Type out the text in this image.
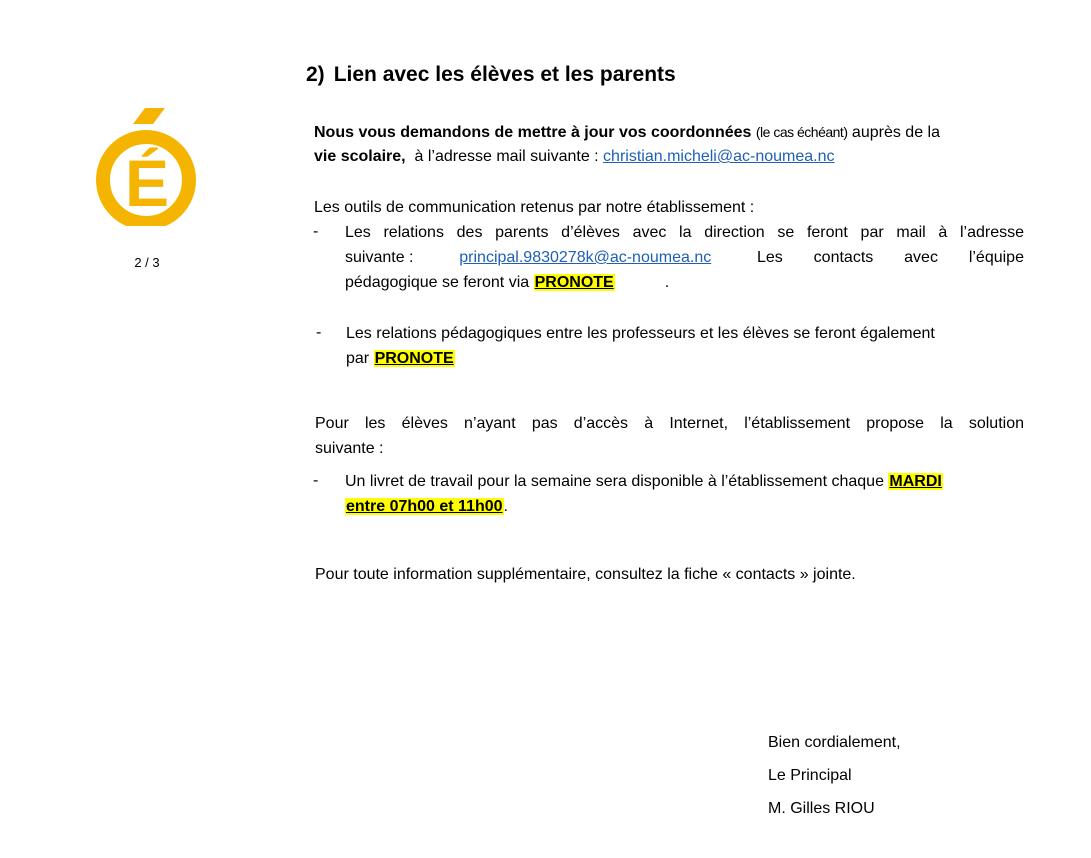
É
2 / 3
2) Lien avec les élèves et les parents
Nous vous demandons de mettre à jour vos coordonnées (le cas échéant) auprès de la
vie scolaire,  à l’adresse mail suivante : christian.micheli@ac-noumea.nc
Les outils de communication retenus par notre établissement :
- Les relations des parents d’élèves avec la direction se feront par mail à l’adresse
suivante :	principal.9830278k@ac-noumea.nc	Les contacts avec l’équipe
pédagogique se feront via PRONOTE	.
- Les relations pédagogiques entre les professeurs et les élèves se feront également
par PRONOTE
Pour les élèves n’ayant pas d’accès à Internet, l’établissement propose la solution
suivante :
- Un livret de travail pour la semaine sera disponible à l’établissement chaque MARDI
entre 07h00 et 11h00.
Pour toute information supplémentaire, consultez la fiche « contacts » jointe.
Bien cordialement,
Le Principal
M. Gilles RIOU
